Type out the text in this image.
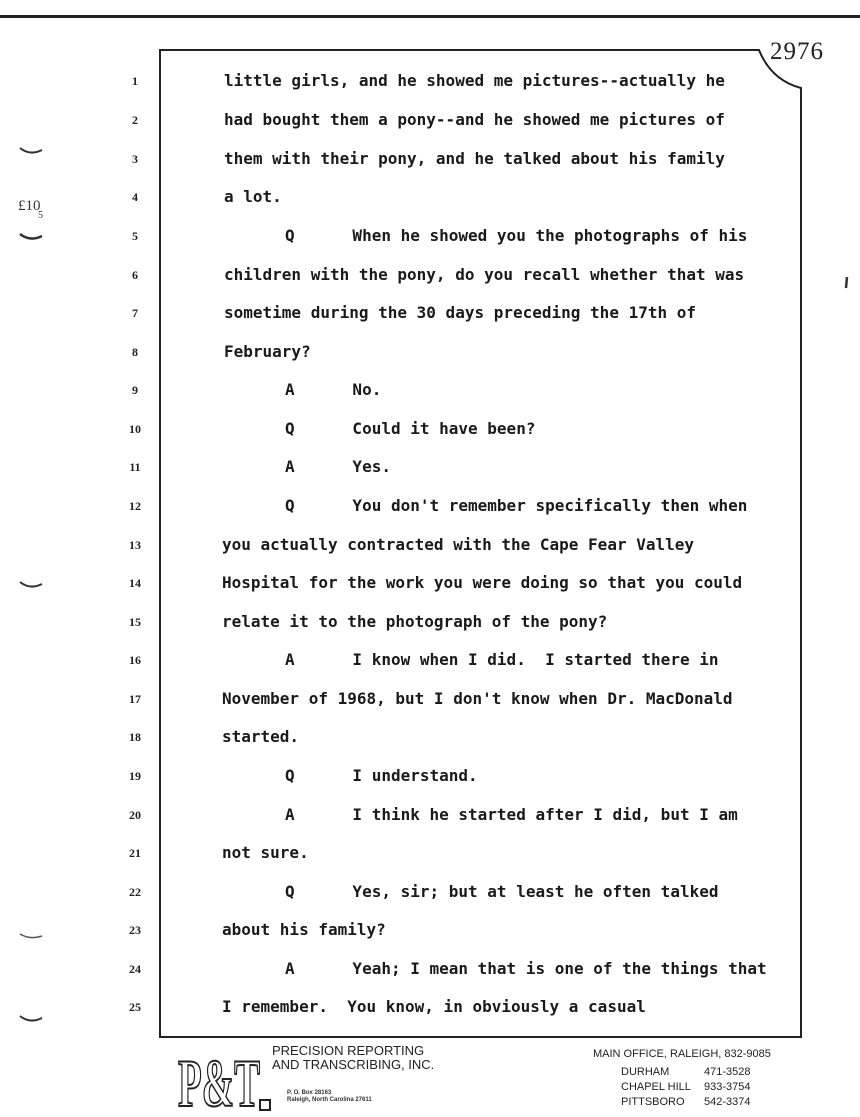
2976
£10
5
1
2
3
4
5
6
7
8
9
10
11
12
13
14
15
16
17
18
19
20
21
22
23
24
25
little girls, and he showed me pictures--actually he
had bought them a pony--and he showed me pictures of
them with their pony, and he talked about his family
a lot.
Q      When he showed you the photographs of his
children with the pony, do you recall whether that was
sometime during the 30 days preceding the 17th of
February?
A      No.
Q      Could it have been?
A      Yes.
Q      You don't remember specifically then when
you actually contracted with the Cape Fear Valley
Hospital for the work you were doing so that you could
relate it to the photograph of the pony?
A      I know when I did.  I started there in
November of 1968, but I don't know when Dr. MacDonald
started.
Q      I understand.
A      I think he started after I did, but I am
not sure.
Q      Yes, sir; but at least he often talked
about his family?
A      Yeah; I mean that is one of the things that
I remember.  You know, in obviously a casual
P&T PRECISION REPORTING
AND TRANSCRIBING, INC.
P. O. Box 28163
Raleigh, North Carolina 27611
MAIN OFFICE, RALEIGH, 832-9085
DURHAM	471-3528
CHAPEL HILL 933-3754
PITTSBORO 542-3374
